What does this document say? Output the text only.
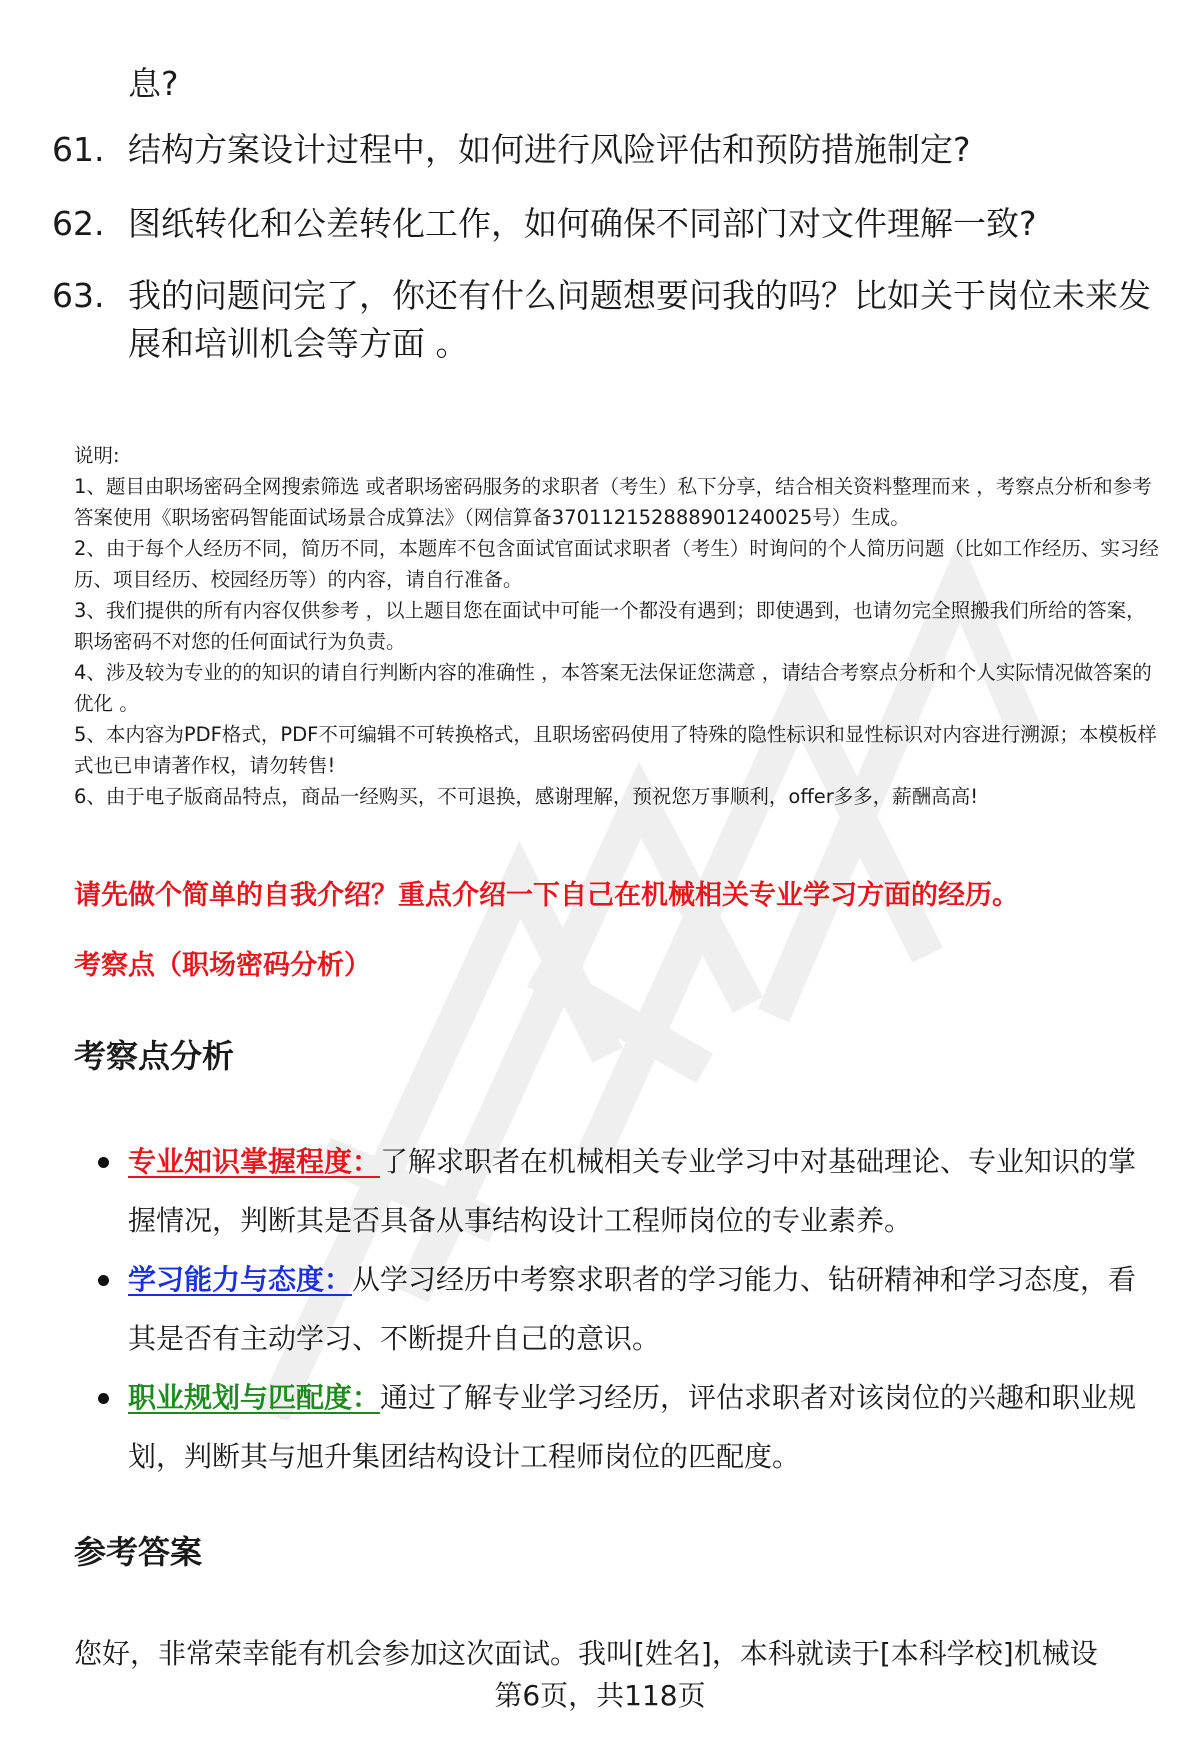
息?
61. 结构方案设计过程中，如何进行风险评估和预防措施制定?
62. 图纸转化和公差转化工作，如何确保不同部门对文件理解一致?
63. 我的问题问完了，你还有什么问题想要问我的吗？比如关于岗位未来发展和培训机会等方面 。

说明:

1、题目由职场密码全网搜索筛选 或者职场密码服务的求职者（考生）私下分享，结合相关资料整理而来 ，考察点分析和参考答案使用《职场密码智能面试场景合成算法》（网信算备370112152888901240025号）生成。

2、由于每个人经历不同，简历不同，本题库不包含面试官面试求职者（考生）时询问的个人简历问题（比如工作经历、实习经历、项目经历、校园经历等）的内容，请自行准备。

3、我们提供的所有内容仅供参考 ，以上题目您在面试中可能一个都没有遇到；即使遇到，也请勿完全照搬我们所给的答案，职场密码不对您的任何面试行为负责。

4、涉及较为专业的的知识的请自行判断内容的准确性 ，本答案无法保证您满意 ，请结合考察点分析和个人实际情况做答案的优化 。

5、本内容为PDF格式，PDF不可编辑不可转换格式，且职场密码使用了特殊的隐性标识和显性标识对内容进行溯源；本模板样式也已申请著作权，请勿转售!

6、由于电子版商品特点，商品一经购买，不可退换，感谢理解，预祝您万事顺利，offer多多，薪酬高高!

请先做个简单的自我介绍？重点介绍一下自己在机械相关专业学习方面的经历。
考察点（职场密码分析）
考察点分析
专业知识掌握程度：了解求职者在机械相关专业学习中对基础理论、专业知识的掌握情况，判断其是否具备从事结构设计工程师岗位的专业素养。
学习能力与态度：从学习经历中考察求职者的学习能力、钻研精神和学习态度，看其是否有主动学习、不断提升自己的意识。
职业规划与匹配度：通过了解专业学习经历，评估求职者对该岗位的兴趣和职业规划，判断其与旭升集团结构设计工程师岗位的匹配度。
参考答案
您好，非常荣幸能有机会参加这次面试。我叫[姓名]，本科就读于[本科学校]机械设
第6页，共118页
